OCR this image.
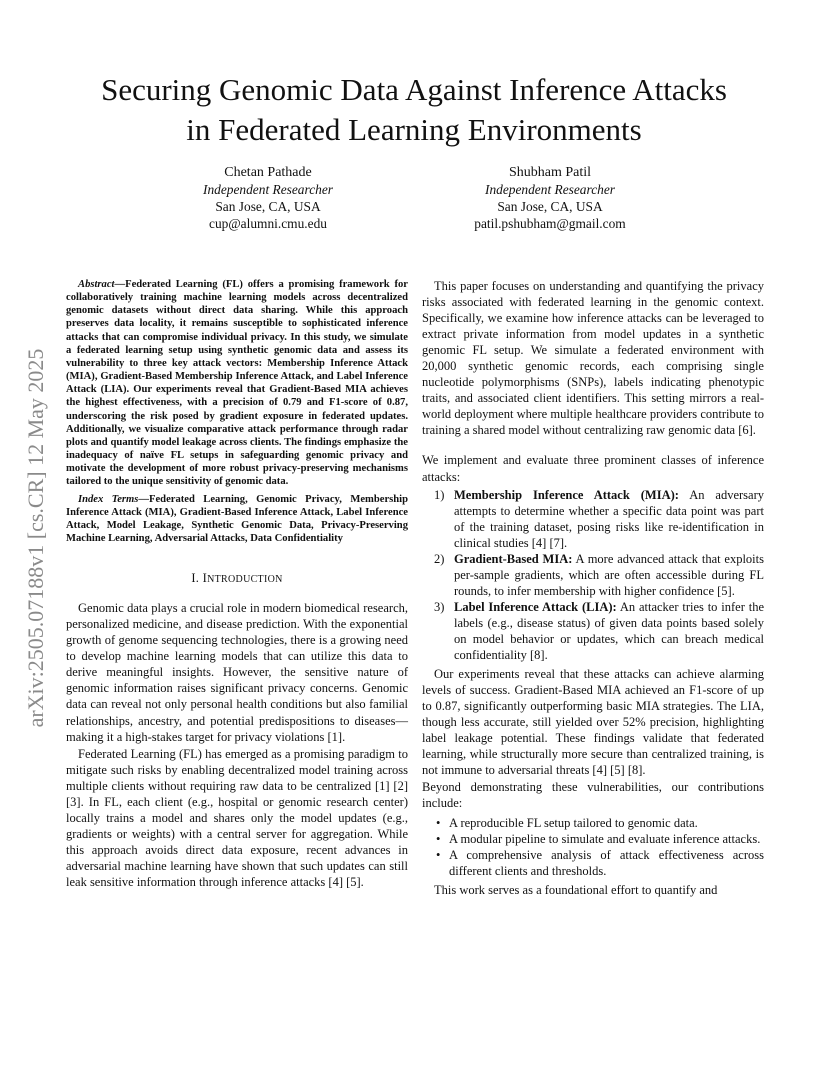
Securing Genomic Data Against Inference Attacks
in Federated Learning Environments
Chetan Pathade
Independent Researcher
San Jose, CA, USA
cup@alumni.cmu.edu
Shubham Patil
Independent Researcher
San Jose, CA, USA
patil.pshubham@gmail.com
arXiv:2505.07188v1 [cs.CR] 12 May 2025

Abstract—Federated Learning (FL) offers a promising framework for collaboratively training machine learning models across decentralized genomic datasets without direct data sharing. While this approach preserves data locality, it remains susceptible to sophisticated inference attacks that can compromise individual privacy. In this study, we simulate a federated learning setup using synthetic genomic data and assess its vulnerability to three key attack vectors: Membership Inference Attack (MIA), Gradient-Based Membership Inference Attack, and Label Inference Attack (LIA). Our experiments reveal that Gradient-Based MIA achieves the highest effectiveness, with a precision of 0.79 and F1-score of 0.87, underscoring the risk posed by gradient exposure in federated updates. Additionally, we visualize comparative attack performance through radar plots and quantify model leakage across clients. The findings emphasize the inadequacy of naïve FL setups in safeguarding genomic privacy and motivate the development of more robust privacy-preserving mechanisms tailored to the unique sensitivity of genomic data.

Index Terms—Federated Learning, Genomic Privacy, Membership Inference Attack (MIA), Gradient-Based Inference Attack, Label Inference Attack, Model Leakage, Synthetic Genomic Data, Privacy-Preserving Machine Learning, Adversarial Attacks, Data Confidentiality

I. INTRODUCTION

Genomic data plays a crucial role in modern biomedical research, personalized medicine, and disease prediction. With the exponential growth of genome sequencing technologies, there is a growing need to develop machine learning models that can utilize this data to derive meaningful insights. However, the sensitive nature of genomic information raises significant privacy concerns. Genomic data can reveal not only personal health conditions but also familial relationships, ancestry, and potential predispositions to diseases—making it a high-stakes target for privacy violations [1].

Federated Learning (FL) has emerged as a promising paradigm to mitigate such risks by enabling decentralized model training across multiple clients without requiring raw data to be centralized [1] [2] [3]. In FL, each client (e.g., hospital or genomic research center) locally trains a model and shares only the model updates (e.g., gradients or weights) with a central server for aggregation. While this approach avoids direct data exposure, recent advances in adversarial machine learning have shown that such updates can still leak sensitive information through inference attacks [4] [5].

This paper focuses on understanding and quantifying the privacy risks associated with federated learning in the genomic context. Specifically, we examine how inference attacks can be leveraged to extract private information from model updates in a synthetic genomic FL setup. We simulate a federated environment with 20,000 synthetic genomic records, each comprising single nucleotide polymorphisms (SNPs), labels indicating phenotypic traits, and associated client identifiers. This setting mirrors a real-world deployment where multiple healthcare providers contribute to training a shared model without centralizing raw genomic data [6].

We implement and evaluate three prominent classes of inference attacks:

1) Membership Inference Attack (MIA): An adversary attempts to determine whether a specific data point was part of the training dataset, posing risks like re-identification in clinical studies [4] [7].
2) Gradient-Based MIA: A more advanced attack that exploits per-sample gradients, which are often accessible during FL rounds, to infer membership with higher confidence [5].
3) Label Inference Attack (LIA): An attacker tries to infer the labels (e.g., disease status) of given data points based solely on model behavior or updates, which can breach medical confidentiality [8].

Our experiments reveal that these attacks can achieve alarming levels of success. Gradient-Based MIA achieved an F1-score of up to 0.87, significantly outperforming basic MIA strategies. The LIA, though less accurate, still yielded over 52% precision, highlighting label leakage potential. These findings validate that federated learning, while structurally more secure than centralized training, is not immune to adversarial threats [4] [5] [8].

Beyond demonstrating these vulnerabilities, our contributions include:

• A reproducible FL setup tailored to genomic data.
• A modular pipeline to simulate and evaluate inference attacks.
• A comprehensive analysis of attack effectiveness across different clients and thresholds.

This work serves as a foundational effort to quantify and
